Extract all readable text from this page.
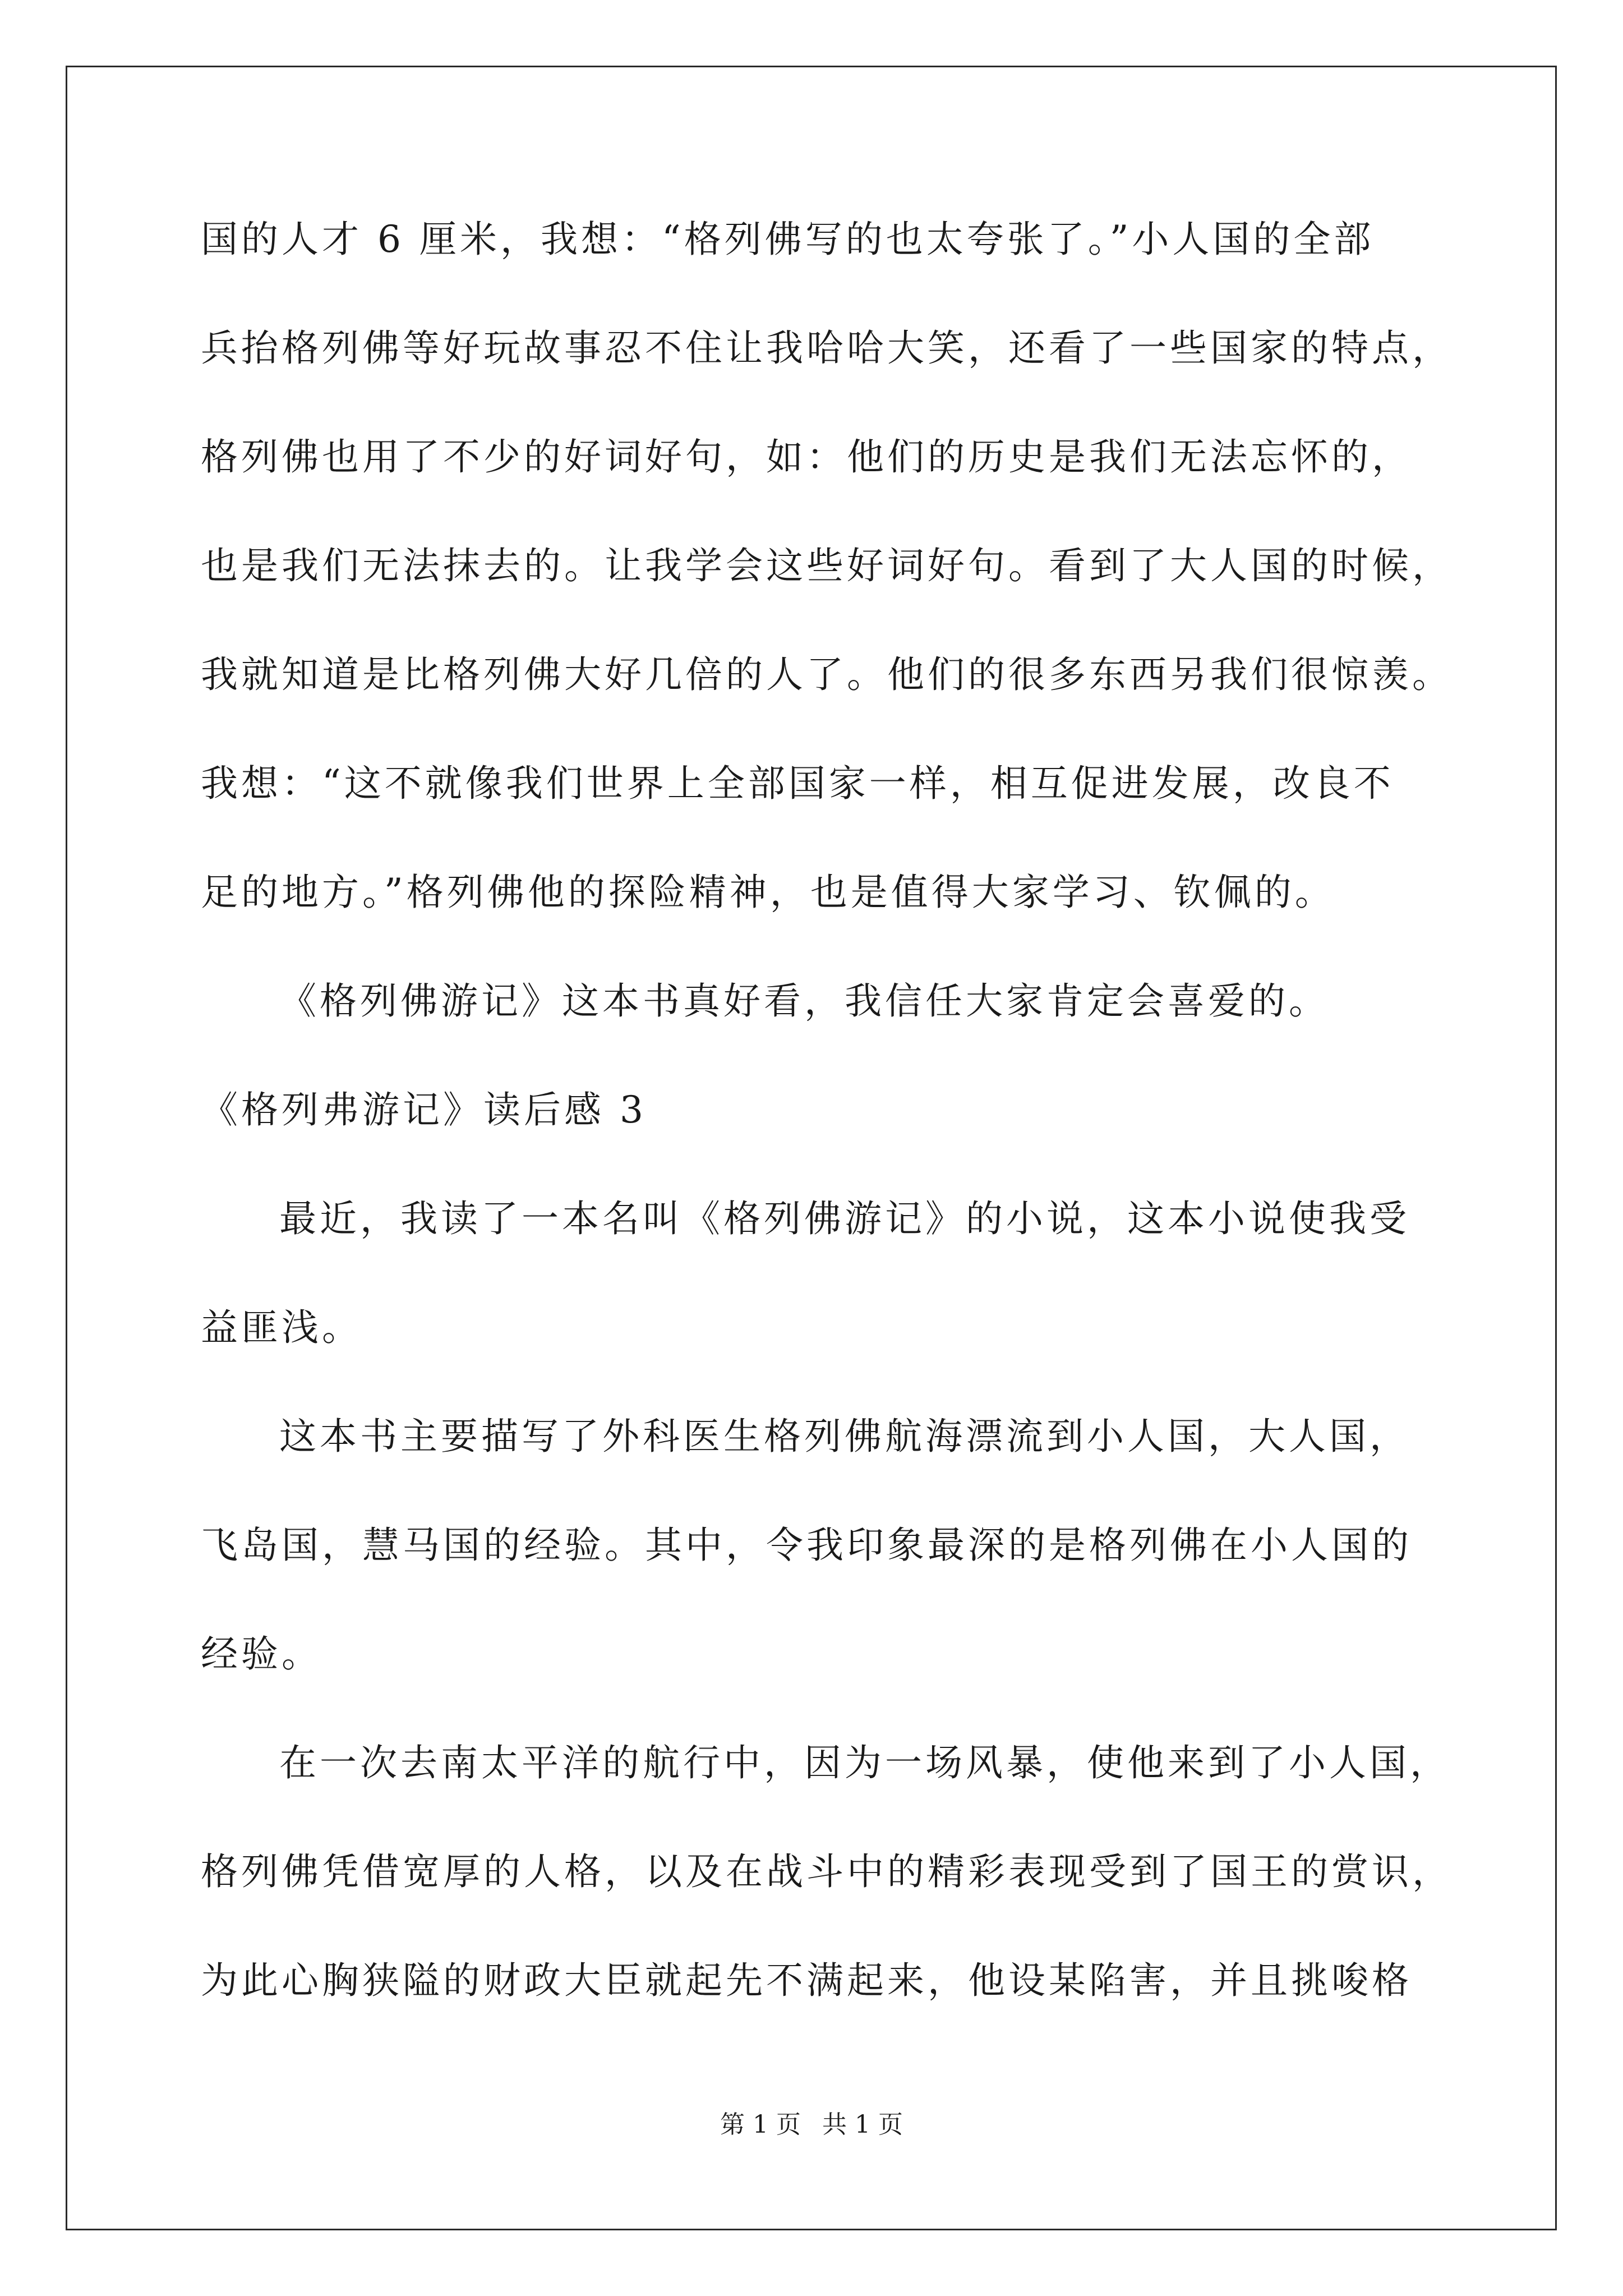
国的人才 6 厘米，我想：“格列佛写的也太夸张了。”小人国的全部
兵抬格列佛等好玩故事忍不住让我哈哈大笑，还看了一些国家的特点，
格列佛也用了不少的好词好句，如：他们的历史是我们无法忘怀的，
也是我们无法抹去的。让我学会这些好词好句。看到了大人国的时候，
我就知道是比格列佛大好几倍的人了。他们的很多东西另我们很惊羡。
我想：“这不就像我们世界上全部国家一样，相互促进发展，改良不
足的地方。”格列佛他的探险精神，也是值得大家学习、钦佩的。
《格列佛游记》这本书真好看，我信任大家肯定会喜爱的。
《格列弗游记》读后感 3
最近，我读了一本名叫《格列佛游记》的小说，这本小说使我受
益匪浅。
这本书主要描写了外科医生格列佛航海漂流到小人国，大人国，
飞岛国，慧马国的经验。其中，令我印象最深的是格列佛在小人国的
经验。
在一次去南太平洋的航行中，因为一场风暴，使他来到了小人国，
格列佛凭借宽厚的人格，以及在战斗中的精彩表现受到了国王的赏识，
为此心胸狭隘的财政大臣就起先不满起来，他设某陷害，并且挑唆格
第 1 页 共 1 页
